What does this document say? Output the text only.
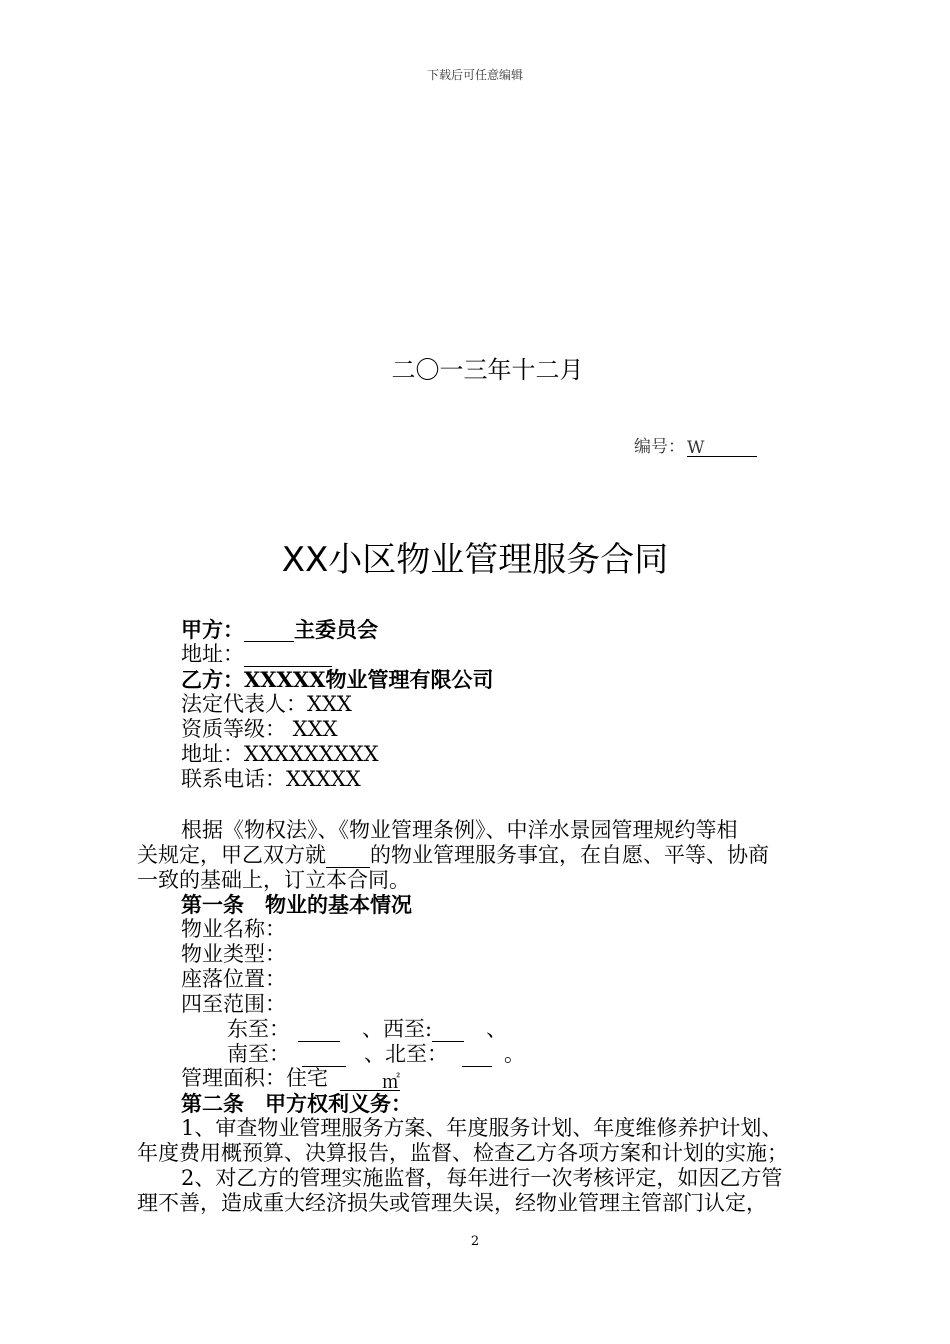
下载后可任意编辑
二〇一三年十二月
编号： W
XX小区物业管理服务合同
甲方： 主委员会
地址：
乙方：XXXXX物业管理有限公司
法定代表人：XXX
资质等级： XXX
地址：XXXXXXXXX
联系电话：XXXXX
根据《物权法》、《物业管理条例》、中洋水景园管理规约等相
关规定，甲乙双方就 的物业管理服务事宜，在自愿、平等、协商
一致的基础上，订立本合同。
第一条　物业的基本情况
物业名称：
物业类型：
座落位置：
四至范围：
东至：	、西至:	、
南至：	、北至：	。
管理面积：住宅	㎡
第二条　甲方权利义务：
1、审查物业管理服务方案、年度服务计划、年度维修养护计划、
年度费用概预算、决算报告，监督、检查乙方各项方案和计划的实施；
2、对乙方的管理实施监督，每年进行一次考核评定，如因乙方管
理不善，造成重大经济损失或管理失误，经物业管理主管部门认定，
2
